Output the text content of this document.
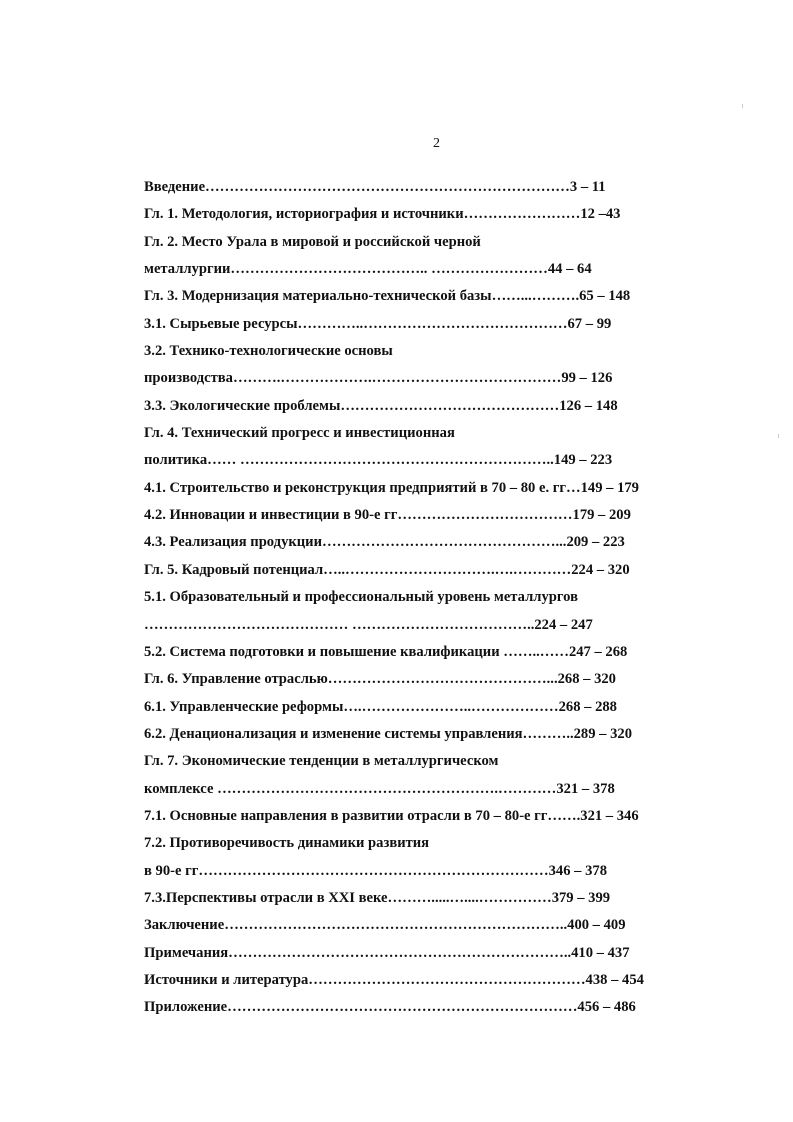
2
Введение…………………………………………………………………3 – 11
Гл. 1. Методология, историография и источники……………………12 –43
Гл. 2. Место Урала в мировой и российской черной
металлургии………………………………….. ……………………44 – 64
Гл. 3. Модернизация материально-технической базы……...……….65 – 148
3.1. Сырьевые ресурсы…………..……………………………………67 – 99
3.2. Технико-технологические основы
производства……….……………….…………………………………99 – 126
3.3. Экологические проблемы………………………………………126 – 148
Гл. 4. Технический прогресс и инвестиционная
политика…… ………………………………………………………..149 – 223
4.1. Строительство и реконструкция предприятий в 70 – 80 е. гг…149 – 179
4.2. Инновации и инвестиции в 90-е гг………………………………179 – 209
4.3. Реализация продукции…………………………………………...209 – 223
Гл. 5. Кадровый потенциал…..………………………….….…………224 – 320
5.1. Образовательный и профессиональный уровень металлургов
…………………………………… ………………………………..224 – 247
5.2. Система подготовки и повышение квалификации ……..……247 – 268
Гл. 6. Управление отраслью………………………………………...268 – 320
6.1. Управленческие реформы….…………………..………………268 – 288
6.2. Денационализация и изменение системы управления………..289 – 320
Гл. 7. Экономические тенденции в металлургическом
комплексе ………………………………………………….…………321 – 378
7.1. Основные направления в развитии отрасли в 70 – 80-е гг…….321 – 346
7.2. Противоречивость динамики развития
в 90-е гг………………………………………………………………346 – 378
7.3.Перспективы отрасли в XXI веке……….....…....……………379 – 399
Заключение……………………………………………………………..400 – 409
Примечания……………………………………………………………..410 – 437
Источники и литература…………………………………………………438 – 454
Приложение………………………………………………………………456 – 486
